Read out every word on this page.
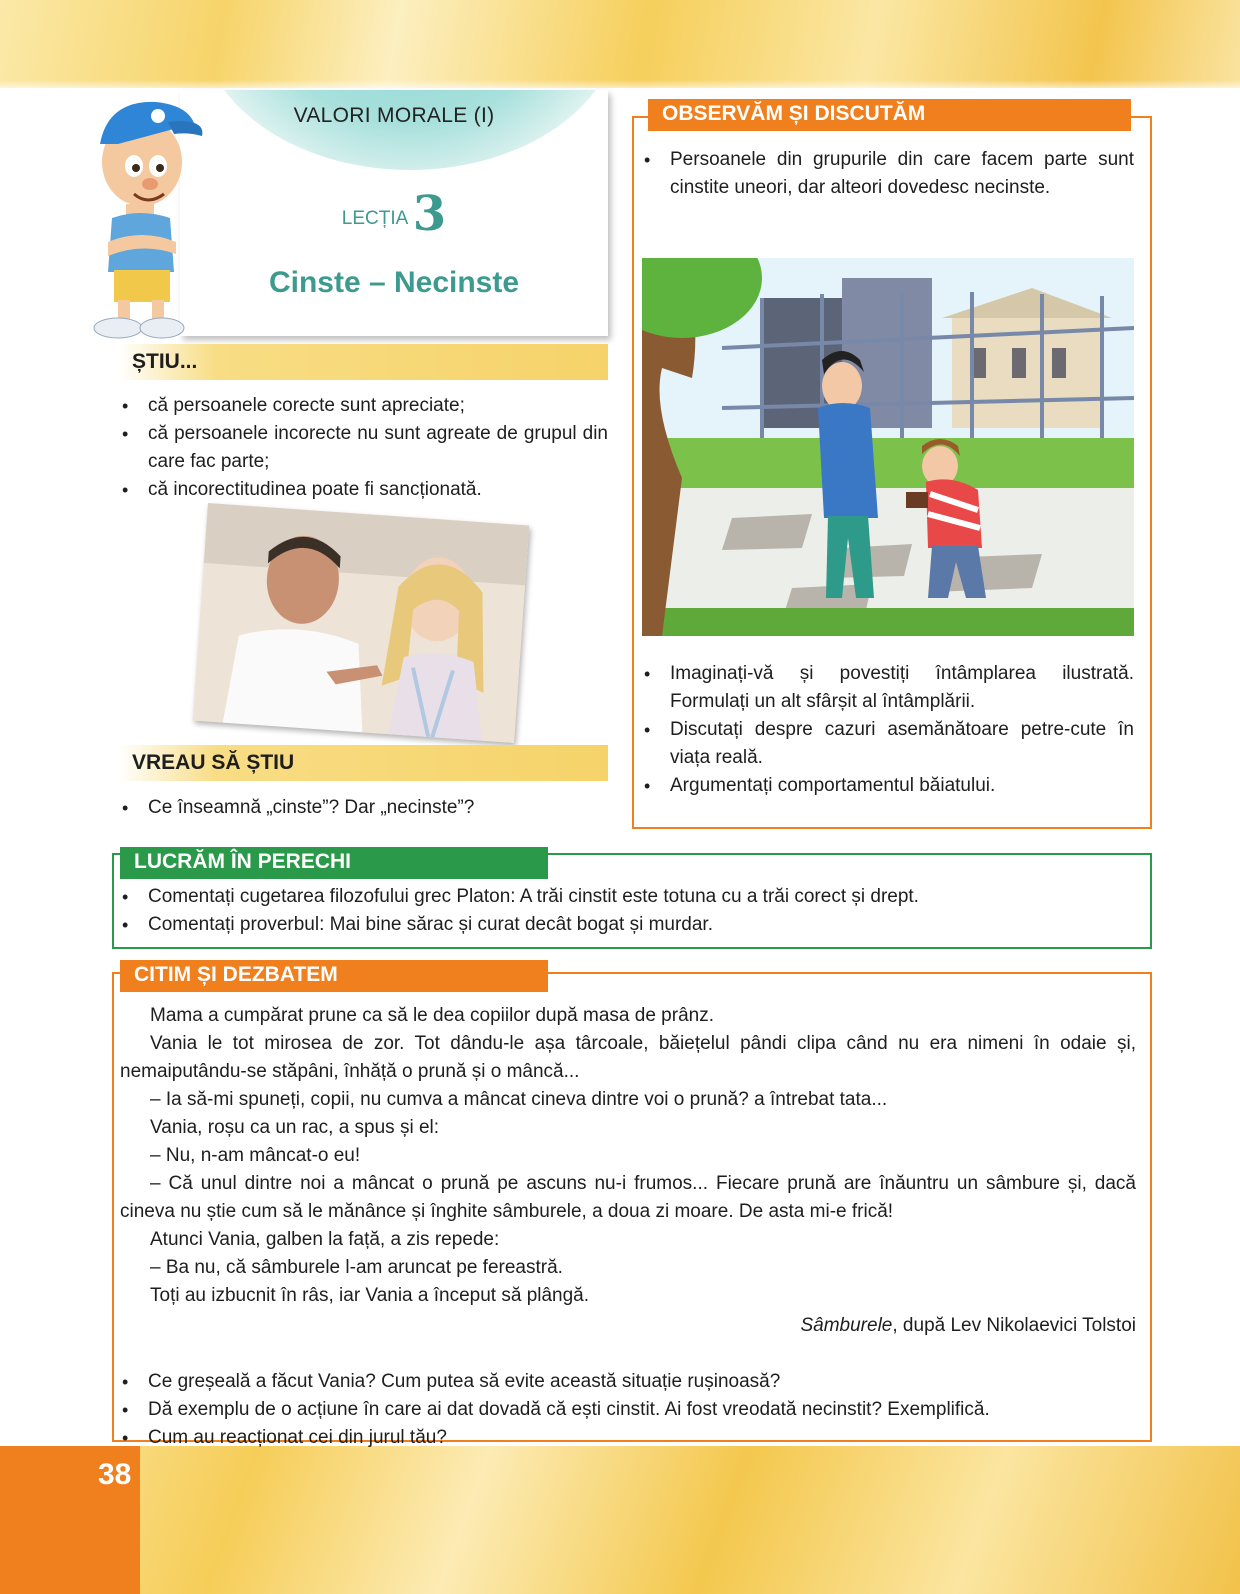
38
VALORI MORALE (I)
LECȚIA 3
Cinste – Necinste
ȘTIU...
• că persoanele corecte sunt apreciate;
• că persoanele incorecte nu sunt agreate de grupul din care fac parte;
• că incorectitudinea poate fi sancționată.
VREAU SĂ ȘTIU
• Ce înseamnă „cinste”? Dar „necinste”?
OBSERVĂM ȘI DISCUTĂM
• Persoanele din grupurile din care facem parte sunt cinstite uneori, dar alteori dovedesc necinste.
• Imaginați-vă și povestiți întâmplarea ilustrată. Formulați un alt sfârșit al întâmplării.
• Discutați despre cazuri asemănătoare petre-cute în viața reală.
• Argumentați comportamentul băiatului.
LUCRĂM ÎN PERECHI
• Comentați cugetarea filozofului grec Platon: A trăi cinstit este totuna cu a trăi corect și drept.
• Comentați proverbul: Mai bine sărac și curat decât bogat și murdar.
CITIM ȘI DEZBATEM

Mama a cumpărat prune ca să le dea copiilor după masa de prânz.

Vania le tot mirosea de zor. Tot dându-le așa târcoale, băiețelul pândi clipa când nu era nimeni în odaie și, nemaiputându-se stăpâni, înhăță o prună și o mâncă...

– Ia să-mi spuneți, copii, nu cumva a mâncat cineva dintre voi o prună? a întrebat tata...

Vania, roșu ca un rac, a spus și el:

– Nu, n-am mâncat-o eu!

– Că unul dintre noi a mâncat o prună pe ascuns nu-i frumos... Fiecare prună are înăuntru un sâmbure și, dacă cineva nu știe cum să le mănânce și înghite sâmburele, a doua zi moare. De asta mi-e frică!

Atunci Vania, galben la față, a zis repede:

– Ba nu, că sâmburele l-am aruncat pe fereastră.

Toți au izbucnit în râs, iar Vania a început să plângă.

Sâmburele, după Lev Nikolaevici Tolstoi

• Ce greșeală a făcut Vania? Cum putea să evite această situație rușinoasă?
• Dă exemplu de o acțiune în care ai dat dovadă că ești cinstit. Ai fost vreodată necinstit? Exemplifică.
• Cum au reacționat cei din jurul tău?
